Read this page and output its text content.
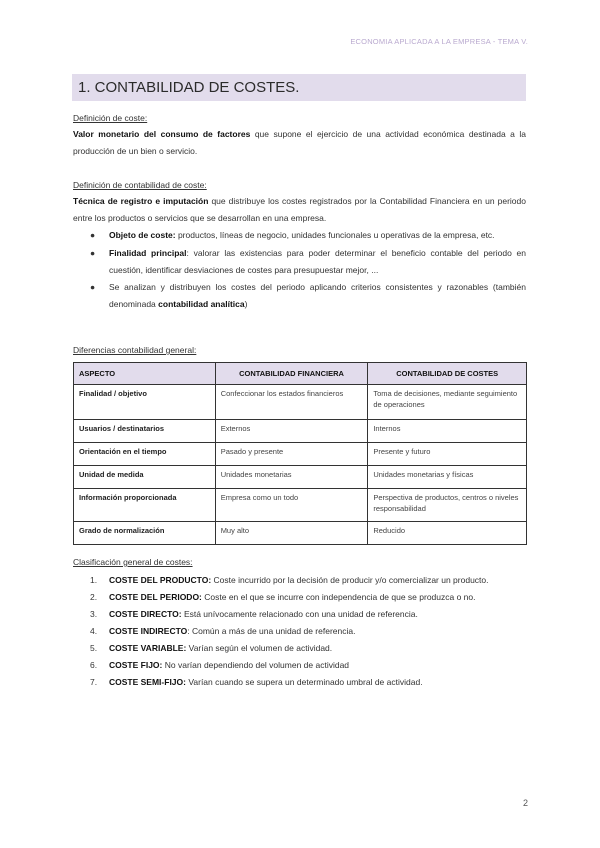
ECONOMIA APLICADA A LA EMPRESA - TEMA V.
1. CONTABILIDAD DE COSTES.
Definición de coste:
Valor monetario del consumo de factores que supone el ejercicio de una actividad económica destinada a la producción de un bien o servicio.
Definición de contabilidad de coste:
Técnica de registro e imputación que distribuye los costes registrados por la Contabilidad Financiera en un periodo entre los productos o servicios que se desarrollan en una empresa.
● Objeto de coste: productos, líneas de negocio, unidades funcionales u operativas de la empresa, etc.
● Finalidad principal: valorar las existencias para poder determinar el beneficio contable del periodo en cuestión, identificar desviaciones de costes para presupuestar mejor, ...
● Se analizan y distribuyen los costes del periodo aplicando criterios consistentes y razonables (también denominada contabilidad analítica)
Diferencias contabilidad general:
ASPECTO	CONTABILIDAD FINANCIERA	CONTABILIDAD DE COSTES
Finalidad / objetivo	Confeccionar los estados financieros	Toma de decisiones, mediante seguimiento de operaciones
Usuarios / destinatarios	Externos	Internos
Orientación en el tiempo	Pasado y presente	Presente y futuro
Unidad de medida	Unidades monetarias	Unidades monetarias y físicas
Información proporcionada	Empresa como un todo	Perspectiva de productos, centros o niveles responsabilidad
Grado de normalización	Muy alto	Reducido
Clasificación general de costes:
1. COSTE DEL PRODUCTO: Coste incurrido por la decisión de producir y/o comercializar un producto.
2. COSTE DEL PERIODO: Coste en el que se incurre con independencia de que se produzca o no.
3. COSTE DIRECTO: Está unívocamente relacionado con una unidad de referencia.
4. COSTE INDIRECTO: Común a más de una unidad de referencia.
5. COSTE VARIABLE: Varían según el volumen de actividad.
6. COSTE FIJO: No varían dependiendo del volumen de actividad
7. COSTE SEMI-FIJO: Varían cuando se supera un determinado umbral de actividad.
2
